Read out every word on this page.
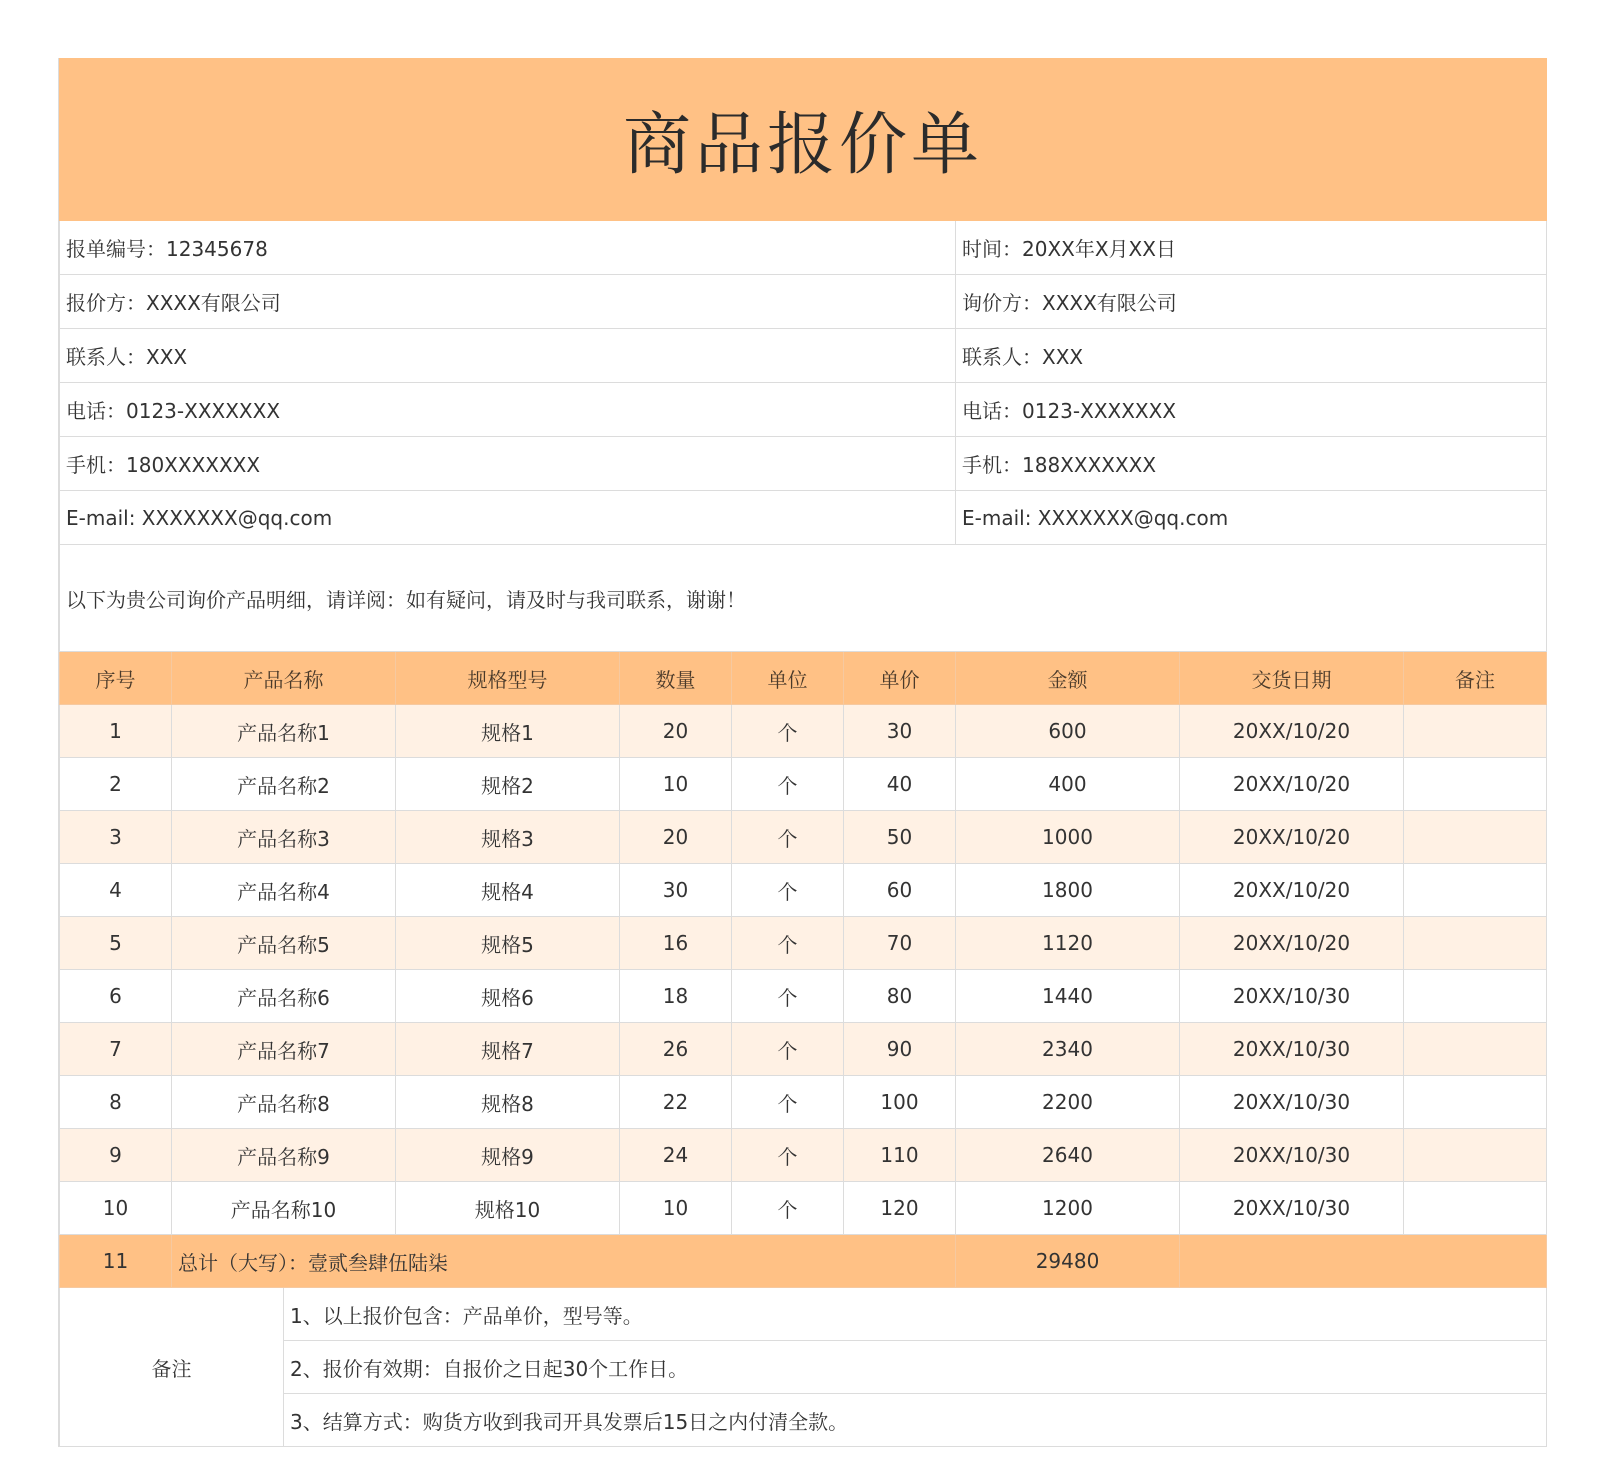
商品报价单									
报单编号：12345678							时间：20XX年X月XX日		
报价方：XXXX有限公司							询价方：XXXX有限公司		
联系人：XXX							联系人：XXX		
电话：0123-XXXXXXX							电话：0123-XXXXXXX		
手机：180XXXXXXX							手机：188XXXXXXX		
E-mail: XXXXXXX@qq.com							E-mail: XXXXXXX@qq.com		
以下为贵公司询价产品明细，请详阅：如有疑问，请及时与我司联系，谢谢！									
序号	产品名称		规格型号	数量	单位	单价	金额	交货日期	备注
1	产品名称1		规格1	20	个	30	600	20XX/10/20	
2	产品名称2		规格2	10	个	40	400	20XX/10/20	
3	产品名称3		规格3	20	个	50	1000	20XX/10/20	
4	产品名称4		规格4	30	个	60	1800	20XX/10/20	
5	产品名称5		规格5	16	个	70	1120	20XX/10/20	
6	产品名称6		规格6	18	个	80	1440	20XX/10/30	
7	产品名称7		规格7	26	个	90	2340	20XX/10/30	
8	产品名称8		规格8	22	个	100	2200	20XX/10/30	
9	产品名称9		规格9	24	个	110	2640	20XX/10/30	
10	产品名称10		规格10	10	个	120	1200	20XX/10/30	
11	总计（大写）：壹贰叁肆伍陆柒						29480		
备注		1、以上报价包含：产品单价，型号等。							
		2、报价有效期：自报价之日起30个工作日。							
		3、结算方式：购货方收到我司开具发票后15日之内付清全款。							
